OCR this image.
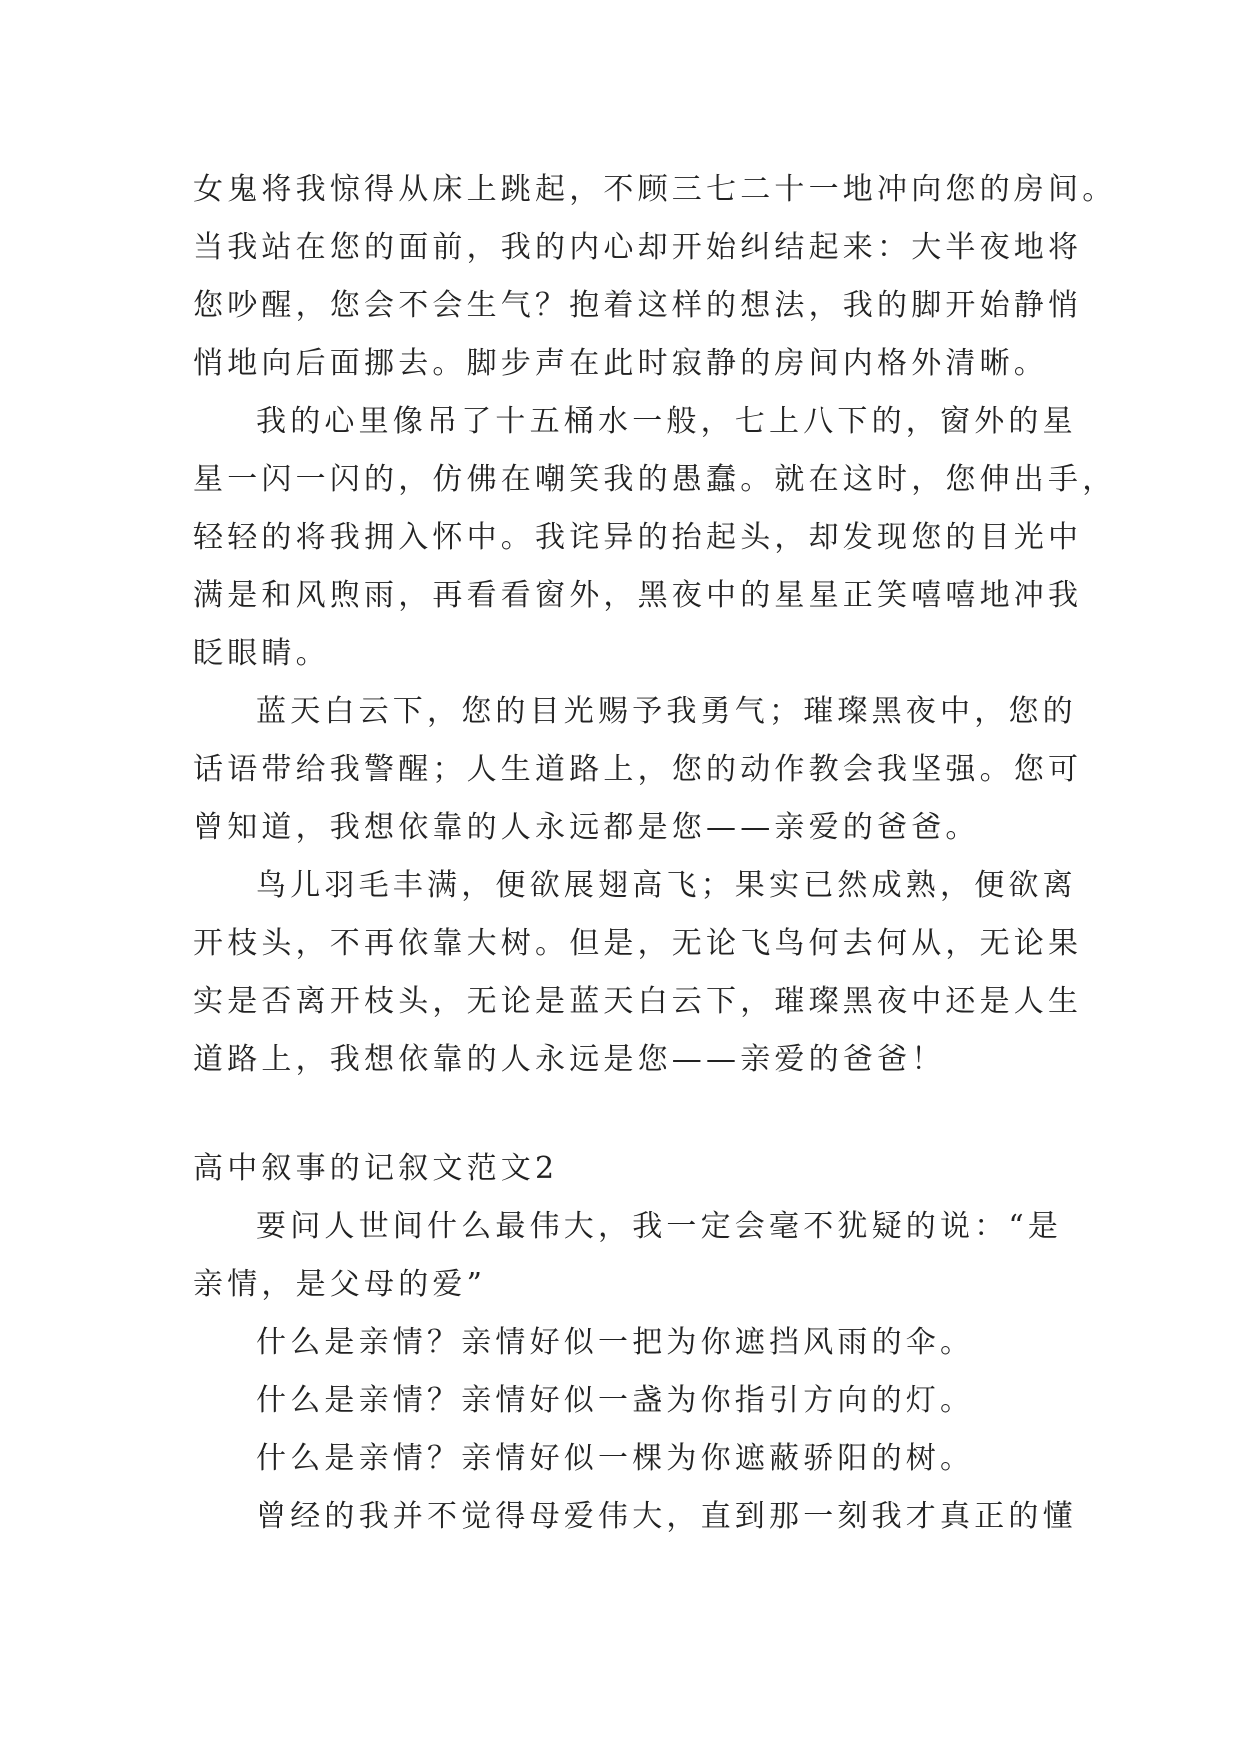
女鬼将我惊得从床上跳起，不顾三七二十一地冲向您的房间。
当我站在您的面前，我的内心却开始纠结起来：大半夜地将
您吵醒，您会不会生气？抱着这样的想法，我的脚开始静悄
悄地向后面挪去。脚步声在此时寂静的房间内格外清晰。
我的心里像吊了十五桶水一般，七上八下的，窗外的星
星一闪一闪的，仿佛在嘲笑我的愚蠢。就在这时，您伸出手，
轻轻的将我拥入怀中。我诧异的抬起头，却发现您的目光中
满是和风煦雨，再看看窗外，黑夜中的星星正笑嘻嘻地冲我
眨眼睛。
蓝天白云下，您的目光赐予我勇气；璀璨黑夜中，您的
话语带给我警醒；人生道路上，您的动作教会我坚强。您可
曾知道，我想依靠的人永远都是您——亲爱的爸爸。
鸟儿羽毛丰满，便欲展翅高飞；果实已然成熟，便欲离
开枝头，不再依靠大树。但是，无论飞鸟何去何从，无论果
实是否离开枝头，无论是蓝天白云下，璀璨黑夜中还是人生
道路上，我想依靠的人永远是您——亲爱的爸爸！
高中叙事的记叙文范文2
要问人世间什么最伟大，我一定会毫不犹疑的说：“是
亲情，是父母的爱”
什么是亲情？亲情好似一把为你遮挡风雨的伞。
什么是亲情？亲情好似一盏为你指引方向的灯。
什么是亲情？亲情好似一棵为你遮蔽骄阳的树。
曾经的我并不觉得母爱伟大，直到那一刻我才真正的懂
